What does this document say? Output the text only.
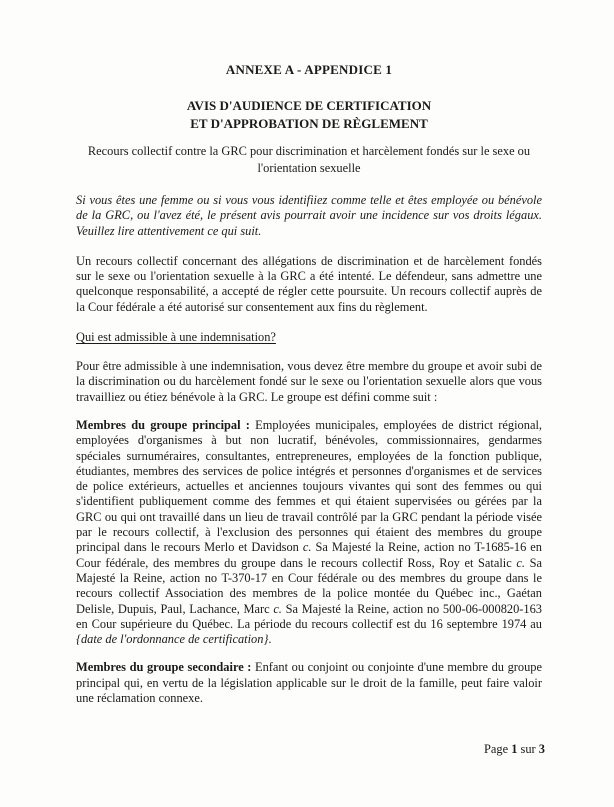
ANNEXE A - APPENDICE 1
AVIS D'AUDIENCE DE CERTIFICATION
ET D'APPROBATION DE RÈGLEMENT
Recours collectif contre la GRC pour discrimination et harcèlement fondés sur le sexe ou l'orientation sexuelle

Si vous êtes une femme ou si vous vous identifiiez comme telle et êtes employée ou bénévole de la GRC, ou l'avez été, le présent avis pourrait avoir une incidence sur vos droits légaux. Veuillez lire attentivement ce qui suit.

Un recours collectif concernant des allégations de discrimination et de harcèlement fondés sur le sexe ou l'orientation sexuelle à la GRC a été intenté. Le défendeur, sans admettre une quelconque responsabilité, a accepté de régler cette poursuite. Un recours collectif auprès de la Cour fédérale a été autorisé sur consentement aux fins du règlement.

Qui est admissible à une indemnisation?

Pour être admissible à une indemnisation, vous devez être membre du groupe et avoir subi de la discrimination ou du harcèlement fondé sur le sexe ou l'orientation sexuelle alors que vous travailliez ou étiez bénévole à la GRC. Le groupe est défini comme suit :

Membres du groupe principal : Employées municipales, employées de district régional, employées d'organismes à but non lucratif, bénévoles, commissionnaires, gendarmes spéciales surnuméraires, consultantes, entrepreneures, employées de la fonction publique, étudiantes, membres des services de police intégrés et personnes d'organismes et de services de police extérieurs, actuelles et anciennes toujours vivantes qui sont des femmes ou qui s'identifient publiquement comme des femmes et qui étaient supervisées ou gérées par la GRC ou qui ont travaillé dans un lieu de travail contrôlé par la GRC pendant la période visée par le recours collectif, à l'exclusion des personnes qui étaient des membres du groupe principal dans le recours Merlo et Davidson c. Sa Majesté la Reine, action no T-1685-16 en Cour fédérale, des membres du groupe dans le recours collectif Ross, Roy et Satalic c. Sa Majesté la Reine, action no T-370-17 en Cour fédérale ou des membres du groupe dans le recours collectif Association des membres de la police montée du Québec inc., Gaétan Delisle, Dupuis, Paul, Lachance, Marc c. Sa Majesté la Reine, action no 500-06-000820-163 en Cour supérieure du Québec. La période du recours collectif est du 16 septembre 1974 au {date de l'ordonnance de certification}.

Membres du groupe secondaire : Enfant ou conjoint ou conjointe d'une membre du groupe principal qui, en vertu de la législation applicable sur le droit de la famille, peut faire valoir une réclamation connexe.

Page 1 sur 3
